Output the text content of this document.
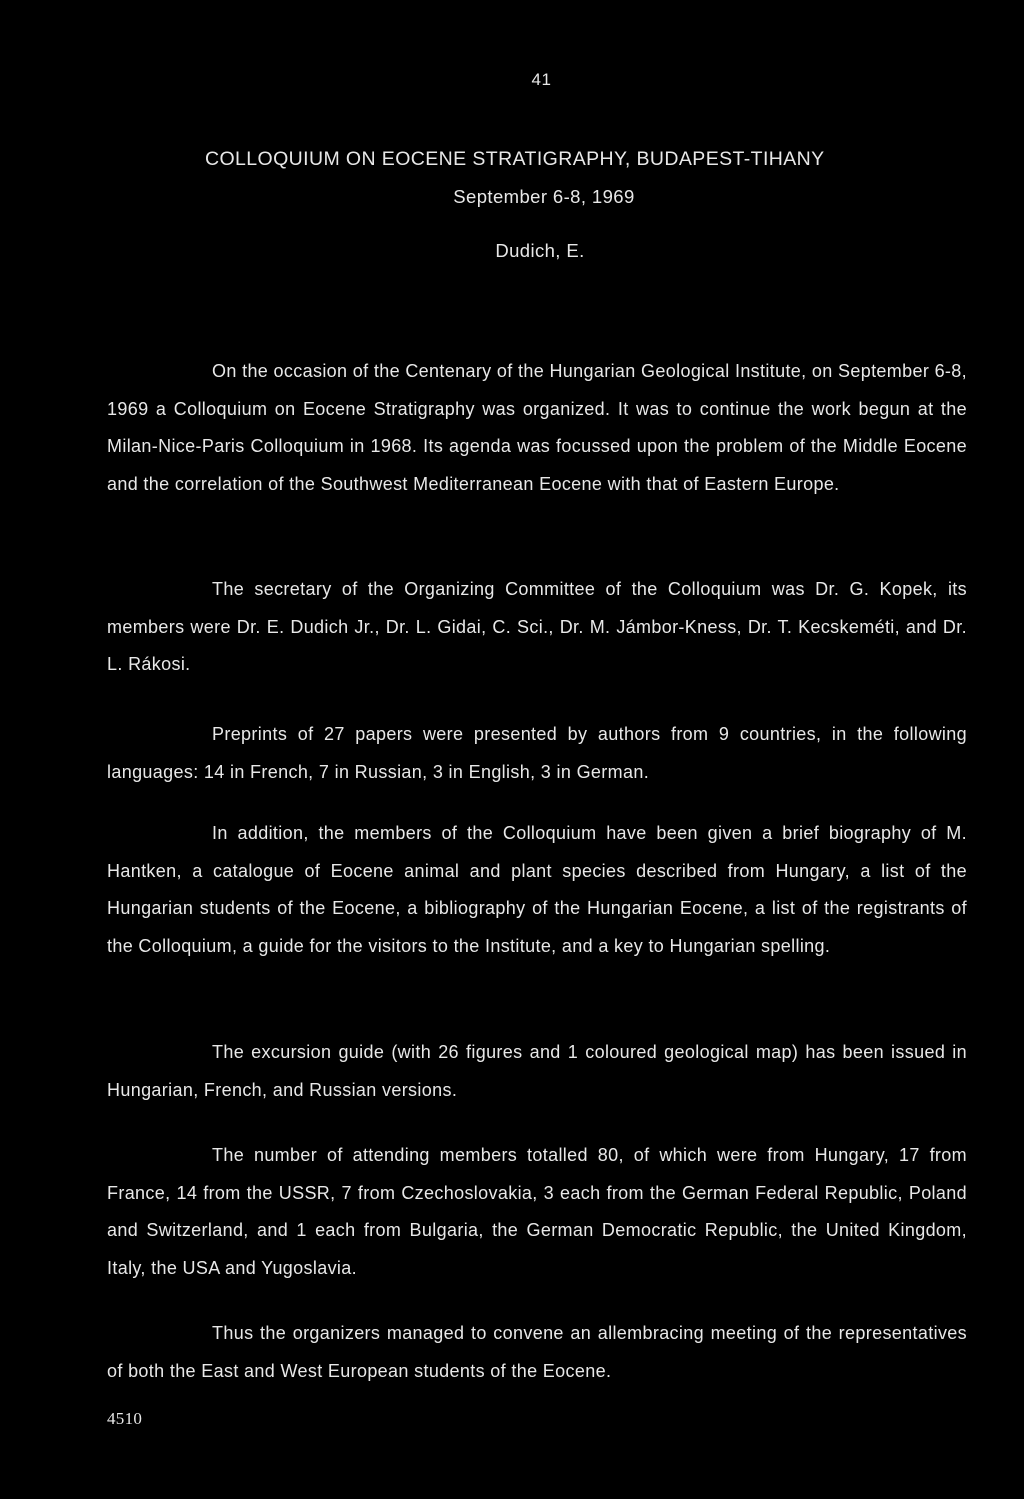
41
COLLOQUIUM ON EOCENE STRATIGRAPHY, BUDAPEST-TIHANY
September 6-8, 1969
Dudich, E.

On the occasion of the Centenary of the Hungarian Geological Institute, on September 6-8, 1969 a Colloquium on Eocene Stratigraphy was organized. It was to continue the work begun at the Milan-Nice-Paris Colloquium in 1968. Its agenda was focussed upon the problem of the Middle Eocene and the correlation of the Southwest Mediterranean Eocene with that of Eastern Europe.

The secretary of the Organizing Committee of the Colloquium was Dr. G. Kopek, its members were Dr. E. Dudich Jr., Dr. L. Gidai, C. Sci., Dr. M. Jámbor-Kness, Dr. T. Kecskeméti, and Dr. L. Rákosi.

Preprints of 27 papers were presented by authors from 9 countries, in the following languages: 14 in French, 7 in Russian, 3 in English, 3 in German.

In addition, the members of the Colloquium have been given a brief biography of M. Hantken, a catalogue of Eocene animal and plant species described from Hungary, a list of the Hungarian students of the Eocene, a bibliography of the Hungarian Eocene, a list of the registrants of the Colloquium, a guide for the visitors to the Institute, and a key to Hungarian spelling.

The excursion guide (with 26 figures and 1 coloured geological map) has been issued in Hungarian, French, and Russian versions.

The number of attending members totalled 80, of which were from Hungary, 17 from France, 14 from the USSR, 7 from Czechoslovakia, 3 each from the German Federal Republic, Poland and Switzerland, and 1 each from Bulgaria, the German Democratic Republic, the United Kingdom, Italy, the USA and Yugoslavia.

Thus the organizers managed to convene an allembracing meeting of the representatives of both the East and West European students of the Eocene.

4510
